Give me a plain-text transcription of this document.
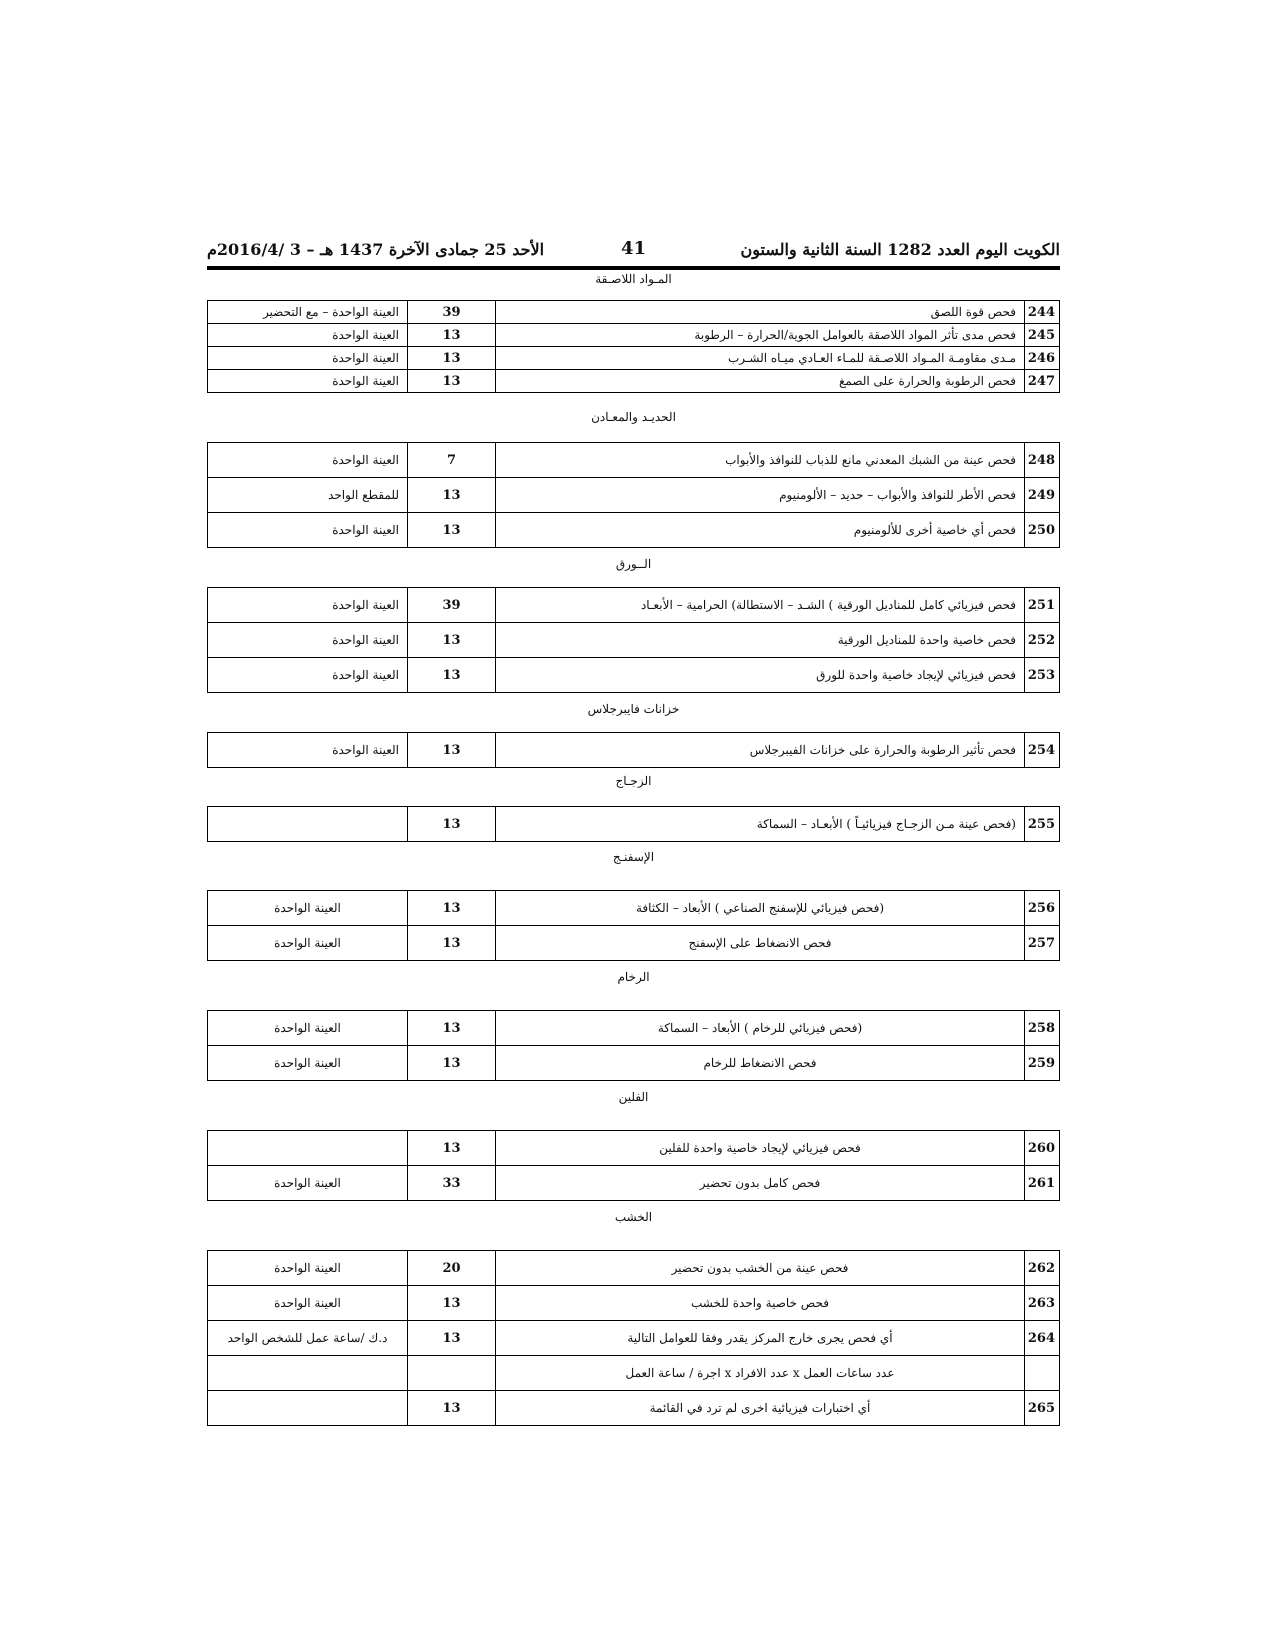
الكويت اليوم العدد 1282 السنة الثانية والستون
41
الأحد 25 جمادى الآخرة 1437 هـ – 3 /2016/4م
المـواد اللاصـقة
244	فحص قوة اللصق	39	العينة الواحدة – مع التحضير
245	فحص مدى تأثر المواد اللاصقة بالعوامل الجوية/الحرارة – الرطوبة	13	العينة الواحدة
246	مـدى مقاومـة المـواد اللاصـقة للمـاء العـادي ميـاه الشـرب	13	العينة الواحدة
247	فحص الرطوبة والحرارة على الصمغ	13	العينة الواحدة
الحديـد والمعـادن
248	فحص عينة من الشبك المعدني مانع للذباب للنوافذ والأبواب	7	العينة الواحدة
249	فحص الأطر للنوافذ والأبواب – حديد – الألومنيوم	13	للمقطع الواحد
250	فحص أي خاصية أخرى للألومنيوم	13	العينة الواحدة
الــورق
251	فحص فيزيائي كامل للمناديل الورقية ) الشـد – الاستطالة) الحرامية – الأبعـاد	39	العينة الواحدة
252	فحص خاصية واحدة للمناديل الورقية	13	العينة الواحدة
253	فحص فيزيائي لإيجاد خاصية واحدة للورق	13	العينة الواحدة
خزانات فايبرجلاس
254	فحص تأثير الرطوبة والحرارة على خزانات الفيبرجلاس	13	العينة الواحدة
الزجـاج
255	(فحص عينة مـن الزجـاج فيزيائيـاً ) الأبعـاد – السماكة	13	
الإسفنـج
256	(فحص فيزيائي للإسفنج الصناعي ) الأبعاد – الكثافة	13	العينة الواحدة
257	فحص الانضغاط على الإسفنج	13	العينة الواحدة
الرخام
258	(فحص فيزيائي للرخام ) الأبعاد – السماكة	13	العينة الواحدة
259	فحص الانضغاط للرخام	13	العينة الواحدة
الفلين
260	فحص فيزيائي لإيجاد خاصية واحدة للفلين	13	
261	فحص كامل بدون تحضير	33	العينة الواحدة
الخشب
262	فحص عينة من الخشب بدون تحضير	20	العينة الواحدة
263	فحص خاصية واحدة للخشب	13	العينة الواحدة
264	أي فحص يجرى خارج المركز يقدر وفقا للعوامل التالية	13	د.ك /ساعة عمل للشخص الواحد
	عدد ساعات العمل x عدد الافراد x اجرة / ساعة العمل		
265	أي اختبارات فيزيائية اخرى لم ترد في القائمة	13	
